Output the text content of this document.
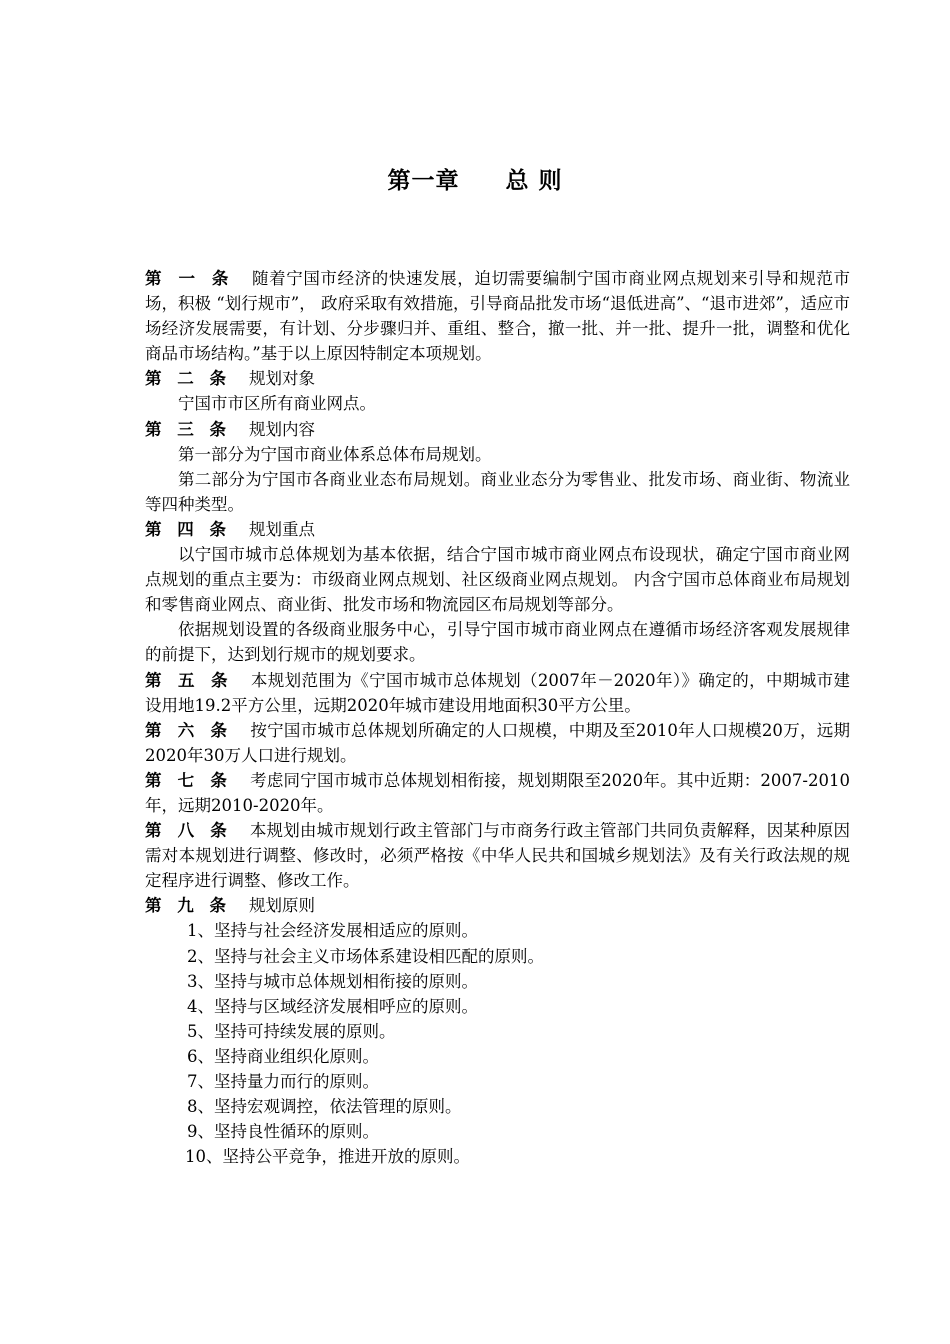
第一章 总 则

第 一 条 随着宁国市经济的快速发展，迫切需要编制宁国市商业网点规划来引导和规范市场，积极 “划行规市”， 政府采取有效措施，引导商品批发市场“退低进高”、“退市进郊”，适应市场经济发展需要，有计划、分步骤归并、重组、整合，撤一批、并一批、提升一批，调整和优化商品市场结构。”基于以上原因特制定本项规划。

第 二 条 规划对象

宁国市市区所有商业网点。

第 三 条 规划内容

第一部分为宁国市商业体系总体布局规划。

第二部分为宁国市各商业业态布局规划。商业业态分为零售业、批发市场、商业街、物流业等四种类型。

第 四 条 规划重点

以宁国市城市总体规划为基本依据，结合宁国市城市商业网点布设现状，确定宁国市商业网点规划的重点主要为：市级商业网点规划、社区级商业网点规划。 内含宁国市总体商业布局规划和零售商业网点、商业街、批发市场和物流园区布局规划等部分。

依据规划设置的各级商业服务中心，引导宁国市城市商业网点在遵循市场经济客观发展规律的前提下，达到划行规市的规划要求。

第 五 条 本规划范围为《宁国市城市总体规划（2007年－2020年）》确定的，中期城市建设用地19.2平方公里，远期2020年城市建设用地面积30平方公里。

第 六 条 按宁国市城市总体规划所确定的人口规模，中期及至2010年人口规模20万，远期2020年30万人口进行规划。

第 七 条 考虑同宁国市城市总体规划相衔接，规划期限至2020年。其中近期：2007-2010年，远期2010-2020年。

第 八 条 本规划由城市规划行政主管部门与市商务行政主管部门共同负责解释，因某种原因需对本规划进行调整、修改时，必须严格按《中华人民共和国城乡规划法》及有关行政法规的规定程序进行调整、修改工作。

第 九 条 规划原则

1、坚持与社会经济发展相适应的原则。

2、坚持与社会主义市场体系建设相匹配的原则。

3、坚持与城市总体规划相衔接的原则。

4、坚持与区域经济发展相呼应的原则。

5、坚持可持续发展的原则。

6、坚持商业组织化原则。

7、坚持量力而行的原则。

8、坚持宏观调控，依法管理的原则。

9、坚持良性循环的原则。

10、坚持公平竞争，推进开放的原则。
